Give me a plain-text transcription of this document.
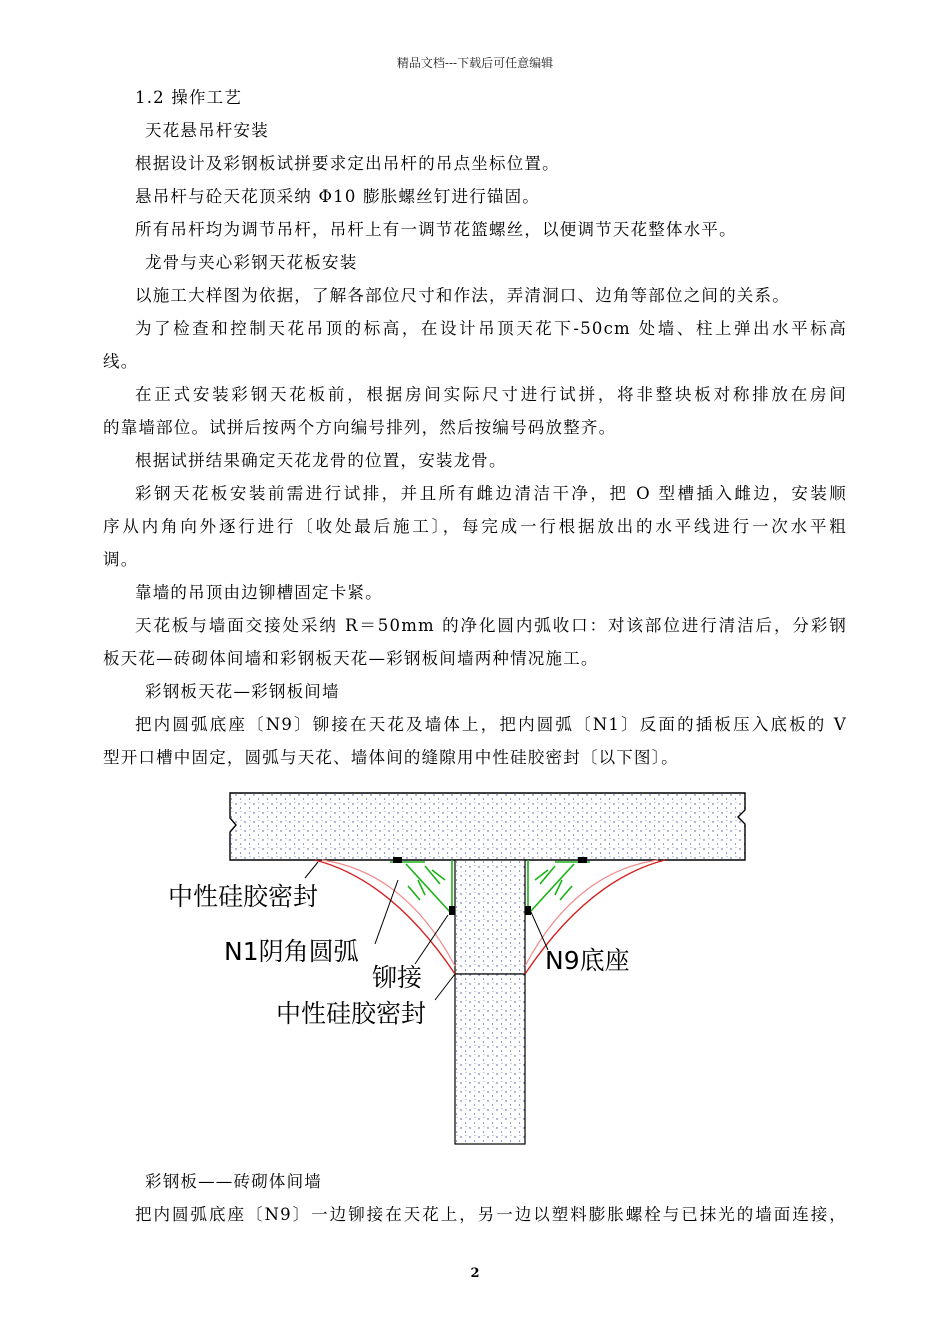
精品文档---下载后可任意编辑
1.2 操作工艺
天花悬吊杆安装
根据设计及彩钢板试拼要求定出吊杆的吊点坐标位置。
悬吊杆与砼天花顶采纳 Φ10 膨胀螺丝钉进行锚固。
所有吊杆均为调节吊杆，吊杆上有一调节花篮螺丝，以便调节天花整体水平。
龙骨与夹心彩钢天花板安装
以施工大样图为依据，了解各部位尺寸和作法，弄清洞口、边角等部位之间的关系。
为了检查和控制天花吊顶的标高，在设计吊顶天花下-50cm 处墙、柱上弹出水平标高
线。
在正式安装彩钢天花板前，根据房间实际尺寸进行试拼，将非整块板对称排放在房间
的靠墙部位。试拼后按两个方向编号排列，然后按编号码放整齐。
根据试拼结果确定天花龙骨的位置，安装龙骨。
彩钢天花板安装前需进行试排，并且所有雌边清洁干净，把 O 型槽插入雌边，安装顺
序从内角向外逐行进行〔收处最后施工〕，每完成一行根据放出的水平线进行一次水平粗
调。
靠墙的吊顶由边铆槽固定卡紧。
天花板与墙面交接处采纳 R＝50mm 的净化圆内弧收口：对该部位进行清洁后，分彩钢
板天花—砖砌体间墙和彩钢板天花—彩钢板间墙两种情况施工。
彩钢板天花—彩钢板间墙
把内圆弧底座〔N9〕铆接在天花及墙体上，把内圆弧〔N1〕反面的插板压入底板的 V
型开口槽中固定，圆弧与天花、墙体间的缝隙用中性硅胶密封〔以下图〕。
中性硅胶密封
N1阴角圆弧
铆接
N9底座
中性硅胶密封
彩钢板——砖砌体间墙
把内圆弧底座〔N9〕一边铆接在天花上，另一边以塑料膨胀螺栓与已抹光的墙面连接，
2
